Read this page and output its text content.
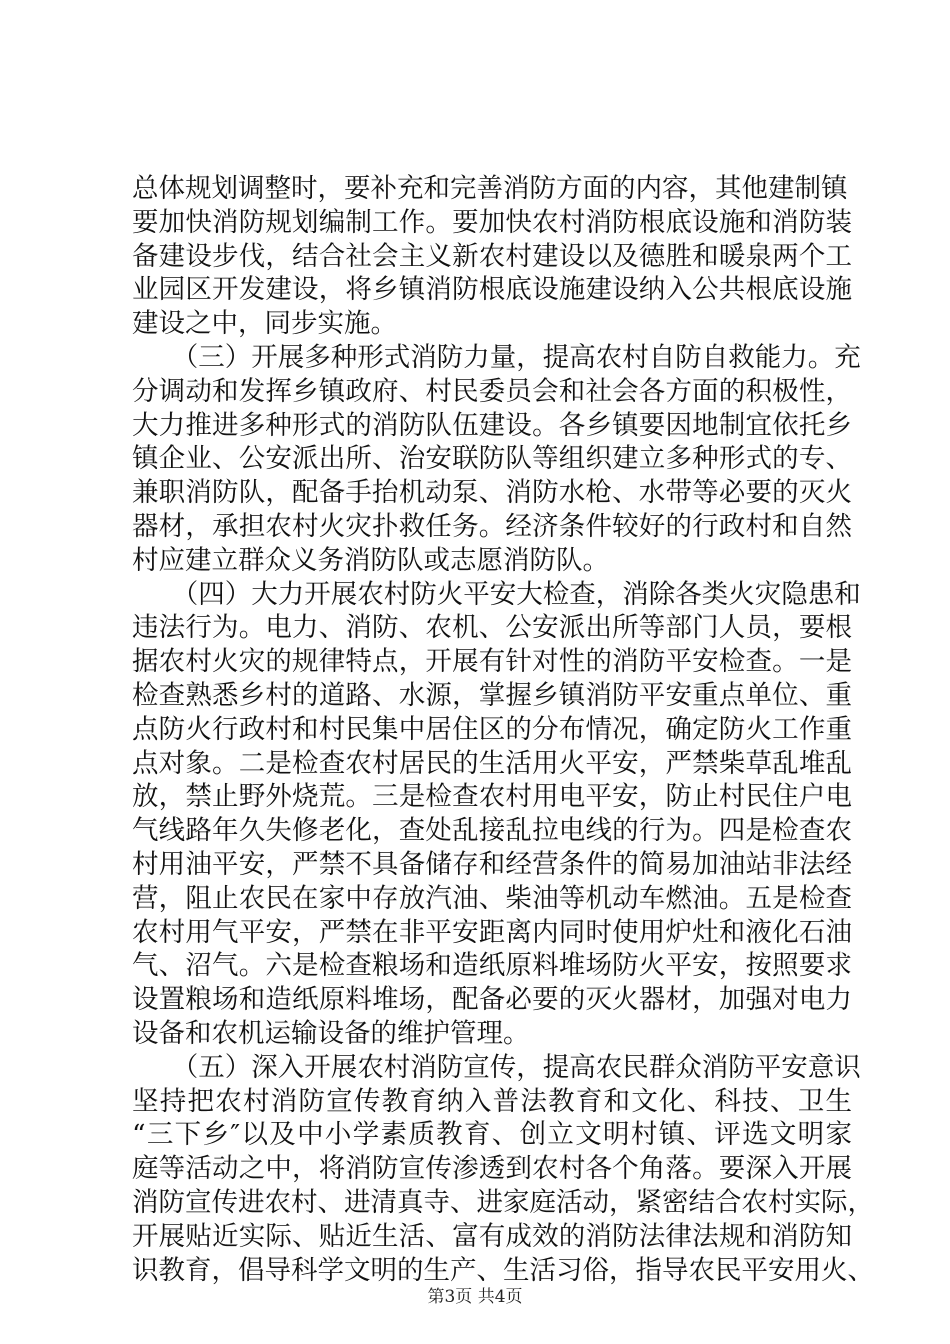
总体规划调整时，要补充和完善消防方面的内容，其他建制镇
要加快消防规划编制工作。要加快农村消防根底设施和消防装
备建设步伐，结合社会主义新农村建设以及德胜和暖泉两个工
业园区开发建设，将乡镇消防根底设施建设纳入公共根底设施
建设之中，同步实施。
　　（三）开展多种形式消防力量，提高农村自防自救能力。充
分调动和发挥乡镇政府、村民委员会和社会各方面的积极性，
大力推进多种形式的消防队伍建设。各乡镇要因地制宜依托乡
镇企业、公安派出所、治安联防队等组织建立多种形式的专、
兼职消防队，配备手抬机动泵、消防水枪、水带等必要的灭火
器材，承担农村火灾扑救任务。经济条件较好的行政村和自然
村应建立群众义务消防队或志愿消防队。
　　（四）大力开展农村防火平安大检查，消除各类火灾隐患和
违法行为。电力、消防、农机、公安派出所等部门人员，要根
据农村火灾的规律特点，开展有针对性的消防平安检查。一是
检查熟悉乡村的道路、水源，掌握乡镇消防平安重点单位、重
点防火行政村和村民集中居住区的分布情况，确定防火工作重
点对象。二是检查农村居民的生活用火平安，严禁柴草乱堆乱
放，禁止野外烧荒。三是检查农村用电平安，防止村民住户电
气线路年久失修老化，查处乱接乱拉电线的行为。四是检查农
村用油平安，严禁不具备储存和经营条件的简易加油站非法经
营，阻止农民在家中存放汽油、柴油等机动车燃油。五是检查
农村用气平安，严禁在非平安距离内同时使用炉灶和液化石油
气、沼气。六是检查粮场和造纸原料堆场防火平安，按照要求
设置粮场和造纸原料堆场，配备必要的灭火器材，加强对电力
设备和农机运输设备的维护管理。
　　（五）深入开展农村消防宣传，提高农民群众消防平安意识
坚持把农村消防宣传教育纳入普法教育和文化、科技、卫生
“三下乡″以及中小学素质教育、创立文明村镇、评选文明家
庭等活动之中，将消防宣传渗透到农村各个角落。要深入开展
消防宣传进农村、进清真寺、进家庭活动，紧密结合农村实际，
开展贴近实际、贴近生活、富有成效的消防法律法规和消防知
识教育，倡导科学文明的生产、生活习俗，指导农民平安用火、
第3页 共4页
